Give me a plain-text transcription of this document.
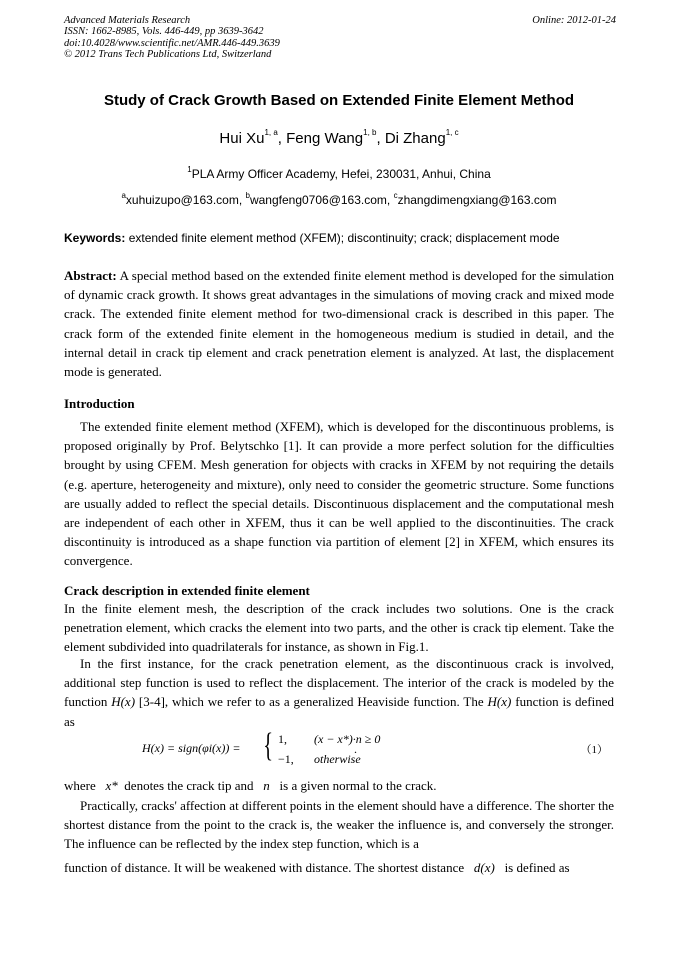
Advanced Materials Research
ISSN: 1662-8985, Vols. 446-449, pp 3639-3642
doi:10.4028/www.scientific.net/AMR.446-449.3639
© 2012 Trans Tech Publications Ltd, Switzerland
Online: 2012-01-24
Study of Crack Growth Based on Extended Finite Element Method
Hui Xu$^{1, a}$, Feng Wang$^{1, b}$, Di Zhang$^{1, c}$
$^1$PLA Army Officer Academy, Hefei, 230031, Anhui, China
$^a$xuhuizupo@163.com, $^b$wangfeng0706@163.com, $^c$zhangdimengxiang@163.com
Keywords: extended finite element method (XFEM); discontinuity; crack; displacement mode
Abstract: A special method based on the extended finite element method is developed for the simulation of dynamic crack growth. It shows great advantages in the simulations of moving crack and mixed mode crack. The extended finite element method for two-dimensional crack is described in this paper. The crack form of the extended finite element in the homogeneous medium is studied in detail, and the internal detail in crack tip element and crack penetration element is analyzed. At last, the displacement mode is generated.
Introduction
The extended finite element method (XFEM), which is developed for the discontinuous problems, is proposed originally by Prof. Belytschko [1]. It can provide a more perfect solution for the difficulties brought by using CFEM. Mesh generation for objects with cracks in XFEM by not requiring the details (e.g. aperture, heterogeneity and mixture), only need to consider the geometric structure. Some functions are usually added to reflect the special details. Discontinuous displacement and the computational mesh are independent of each other in XFEM, thus it can be well applied to the discontinuities. The crack discontinuity is introduced as a shape function via partition of element [2] in XFEM, which ensures its convergence.
Crack description in extended finite element
In the finite element mesh, the description of the crack includes two solutions. One is the crack penetration element, which cracks the element into two parts, and the other is crack tip element. Take the element subdivided into quadrilaterals for instance, as shown in Fig.1.
In the first instance, for the crack penetration element, as the discontinuous crack is involved, additional step function is used to reflect the displacement. The interior of the crack is modeled by the function H(x) [3-4], which we refer to as a generalized Heaviside function. The H(x) function is defined as
H(x) = sign(φi(x)) = { 1, (x − x*)·n ≥ 0
−1, otherwise
.	（1）
where x* denotes the crack tip and n is a given normal to the crack.
Practically, cracks' affection at different points in the element should have a difference. The shorter the shortest distance from the point to the crack is, the weaker the influence is, and conversely the stronger. The influence can be reflected by the index step function, which is a
function of distance. It will be weakened with distance. The shortest distance d(x) is defined as
